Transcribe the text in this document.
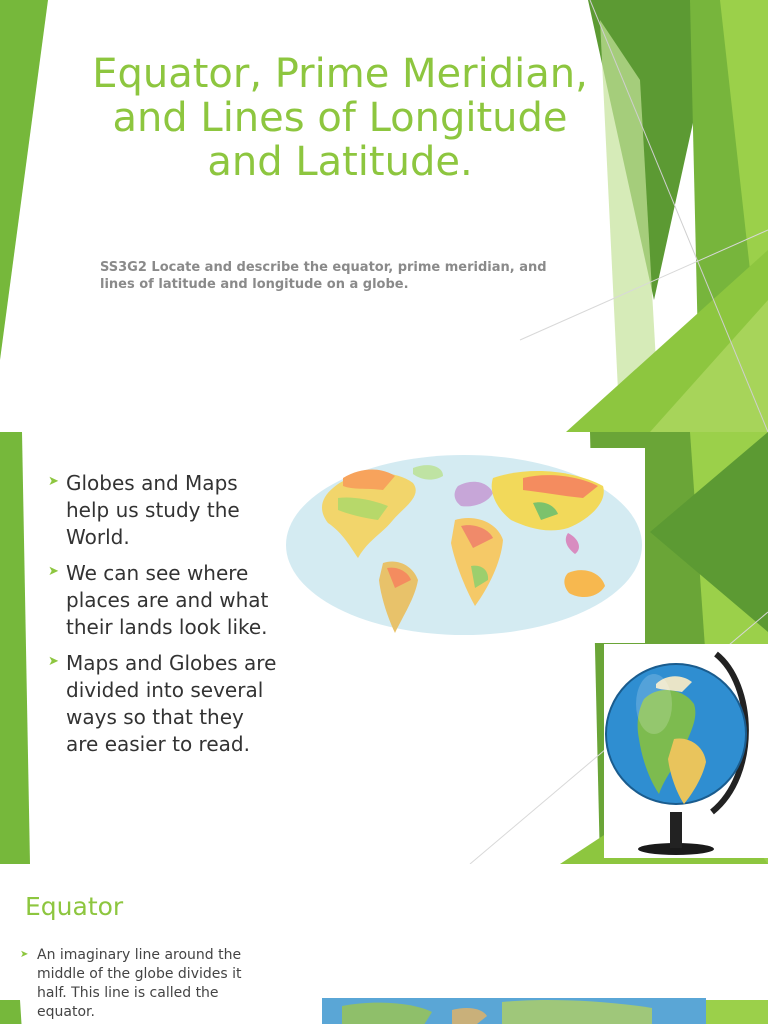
Equator, Prime Meridian, and Lines of Longitude and Latitude.
SS3G2 Locate and describe the equator, prime meridian, and lines of latitude and longitude on a globe.
➤ Globes and Maps help us study the World.
➤ We can see where places are and what their lands look like.
➤ Maps and Globes are divided into several ways so that they are easier to read.
Equator
➤ An imaginary line around the middle of the globe divides it half. This line is called the equator.
